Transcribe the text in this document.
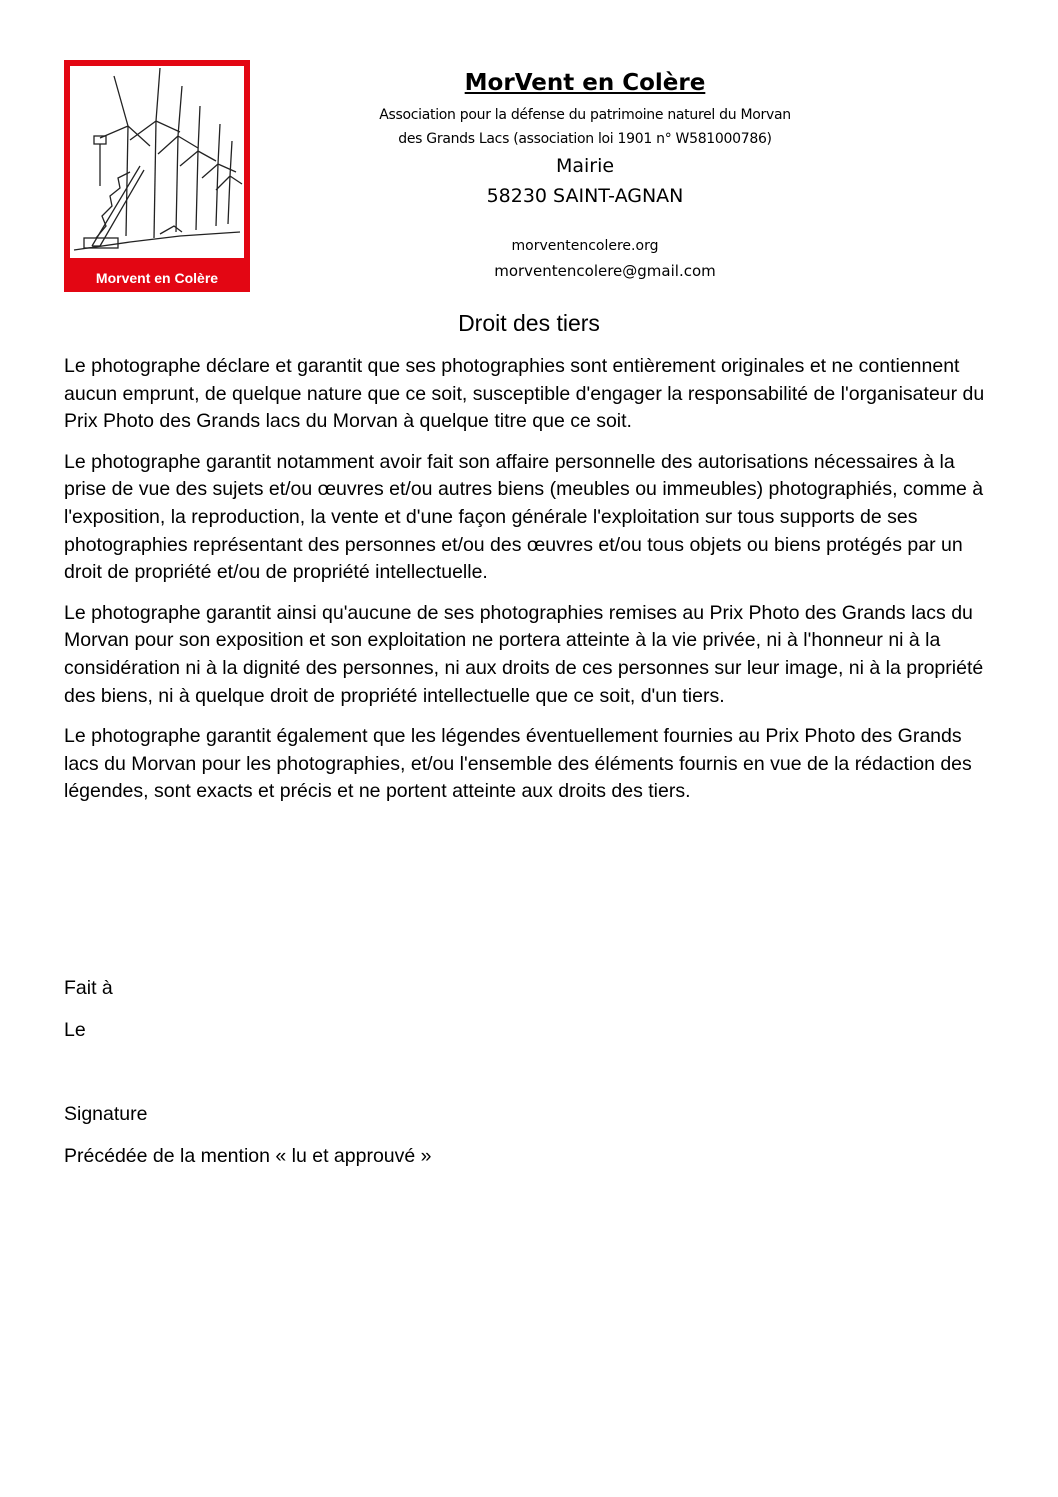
Morvent en Colère
MorVent en Colère
Association pour la défense du patrimoine naturel du Morvan
des Grands Lacs (association loi 1901 n° W581000786)
Mairie
58230 SAINT-AGNAN
morventencolere.org
morventencolere@gmail.com
Droit des tiers

Le photographe déclare et garantit que ses photographies sont entièrement originales et ne contiennent aucun emprunt, de quelque nature que ce soit, susceptible d'engager la responsabilité de l'organisateur du Prix Photo des Grands lacs du Morvan à quelque titre que ce soit.

Le photographe garantit notamment avoir fait son affaire personnelle des autorisations nécessaires à la prise de vue des sujets et/ou œuvres et/ou autres biens (meubles ou immeubles) photographiés, comme à l'exposition, la reproduction, la vente et d'une façon générale l'exploitation sur tous supports de ses photographies représentant des personnes et/ou des œuvres et/ou tous objets ou biens protégés par un droit de propriété et/ou de propriété intellectuelle.

Le photographe garantit ainsi qu'aucune de ses photographies remises au Prix Photo des Grands lacs du Morvan pour son exposition et son exploitation ne portera atteinte à la vie privée, ni à l'honneur ni à la considération ni à la dignité des personnes, ni aux droits de ces personnes sur leur image, ni à la propriété des biens, ni à quelque droit de propriété intellectuelle que ce soit, d'un tiers.

Le photographe garantit également que les légendes éventuellement fournies au Prix Photo des Grands lacs du Morvan pour les photographies, et/ou l'ensemble des éléments fournis en vue de la rédaction des légendes, sont exacts et précis et ne portent atteinte aux droits des tiers.

Fait à
Le
Signature
Précédée de la mention « lu et approuvé »
